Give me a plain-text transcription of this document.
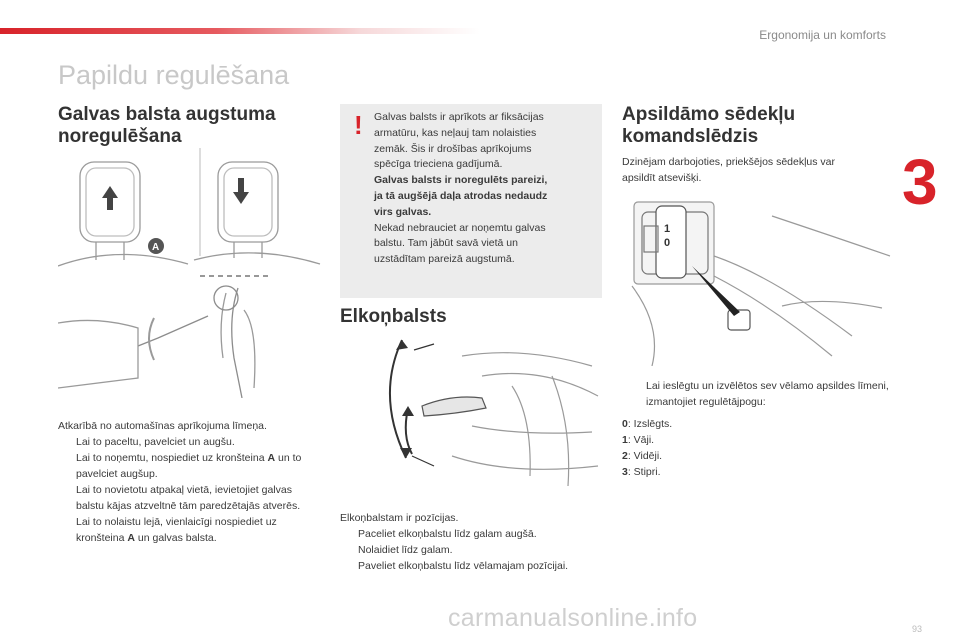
Ergonomija un komforts
3
Papildu regulēšana
Galvas balsta augstuma
noregulēšana
A
Atkarībā no automašīnas aprīkojuma līmeņa.
Lai to paceltu, pavelciet un augšu.
Lai to noņemtu, nospiediet uz kronšteina A un to pavelciet augšup.
Lai to novietotu atpakaļ vietā, ievietojiet galvas balstu kājas atzveltnē tām paredzētajās atverēs.
Lai to nolaistu lejā, vienlaicīgi nospiediet uz kronšteina A un galvas balsta.
! Galvas balsts ir aprīkots ar fiksācijas
armatūru, kas neļauj tam nolaisties
zemāk. Šis ir drošības aprīkojums
spēcīga trieciena gadījumā.
Galvas balsts ir noregulēts pareizi,
ja tā augšējā daļa atrodas nedaudz
virs galvas.
Nekad nebrauciet ar noņemtu galvas
balstu. Tam jābūt savā vietā un
uzstādītam pareizā augstumā.
Elkoņbalsts
Elkoņbalstam ir pozīcijas.
Paceliet elkoņbalstu līdz galam augšā.
Nolaidiet līdz galam.
Paveliet elkoņbalstu līdz vēlamajam pozīcijai.
Apsildāmo sēdekļu
komandslēdzis
Dzinējam darbojoties, priekšējos sēdekļus var
apsildīt atsevišķi.
1
0
Lai ieslēgtu un izvēlētos sev vēlamo apsildes līmeni, izmantojiet regulētājpogu:
0: Izslēgts.
1: Vāji.
2: Vidēji.
3: Stipri.
carmanualsonline.info	93
